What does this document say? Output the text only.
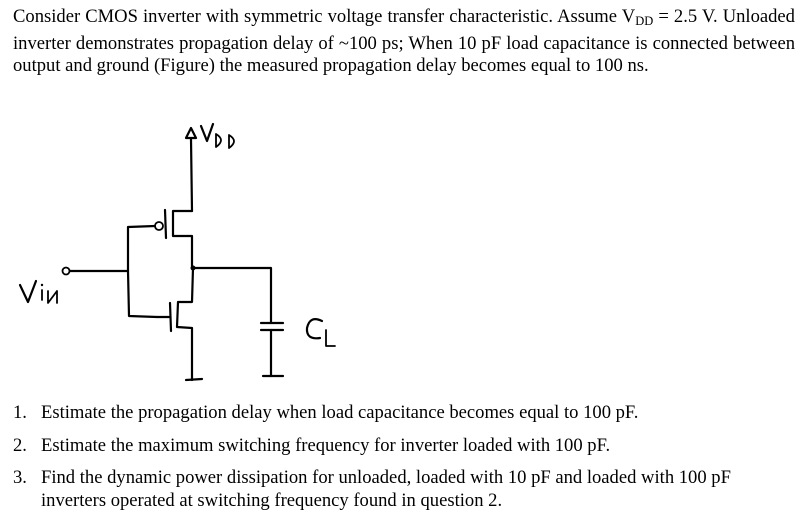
Consider CMOS inverter with symmetric voltage transfer characteristic. Assume $V_{DD} = 2.5$ V. Unloaded inverter demonstrates propagation delay of ~100 ps; When 10 pF load capacitance is connected between output and ground (Figure) the measured propagation delay becomes equal to 100 ns.

1. Estimate the propagation delay when load capacitance becomes equal to 100 pF.
2. Estimate the maximum switching frequency for inverter loaded with 100 pF.
3. Find the dynamic power dissipation for unloaded, loaded with 10 pF and loaded with 100 pF inverters operated at switching frequency found in question 2.
